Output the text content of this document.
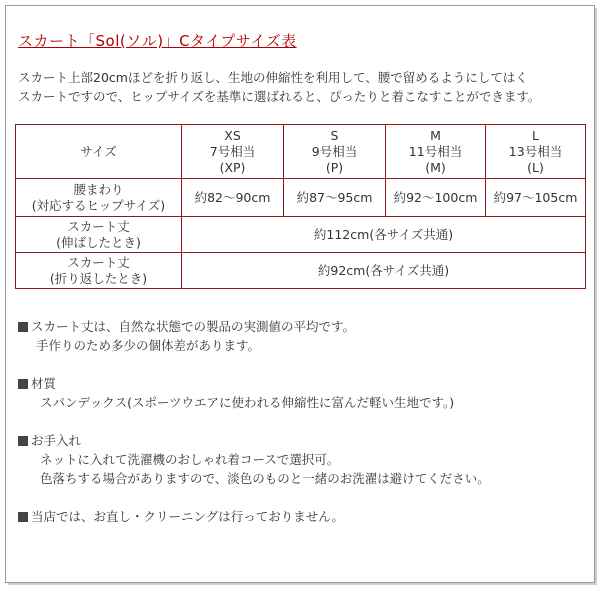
スカート「Sol(ソル)」Cタイプサイズ表
スカート上部20cmほどを折り返し、生地の伸縮性を利用して、腰で留めるようにしてはく
スカートですので、ヒップサイズを基準に選ばれると、ぴったりと着こなすことができます。
サイズ	XS
7号相当
(XP)	S
9号相当
(P)	M
11号相当
(M)	L
13号相当
(L)

腰まわり
(対応するヒップサイズ)	約82～90cm	約87～95cm	約92～100cm	約97～105cm

スカート丈
(伸ばしたとき)	約112cm(各サイズ共通)			

スカート丈
(折り返したとき)	約92cm(各サイズ共通)			
スカート丈は、自然な状態での製品の実測値の平均です。
手作りのため多少の個体差があります。
材質
スパンデックス(スポーツウエアに使われる伸縮性に富んだ軽い生地です。)
お手入れ
ネットに入れて洗濯機のおしゃれ着コースで選択可。
色落ちする場合がありますので、淡色のものと一緒のお洗濯は避けてください。
当店では、お直し・クリーニングは行っておりません。
